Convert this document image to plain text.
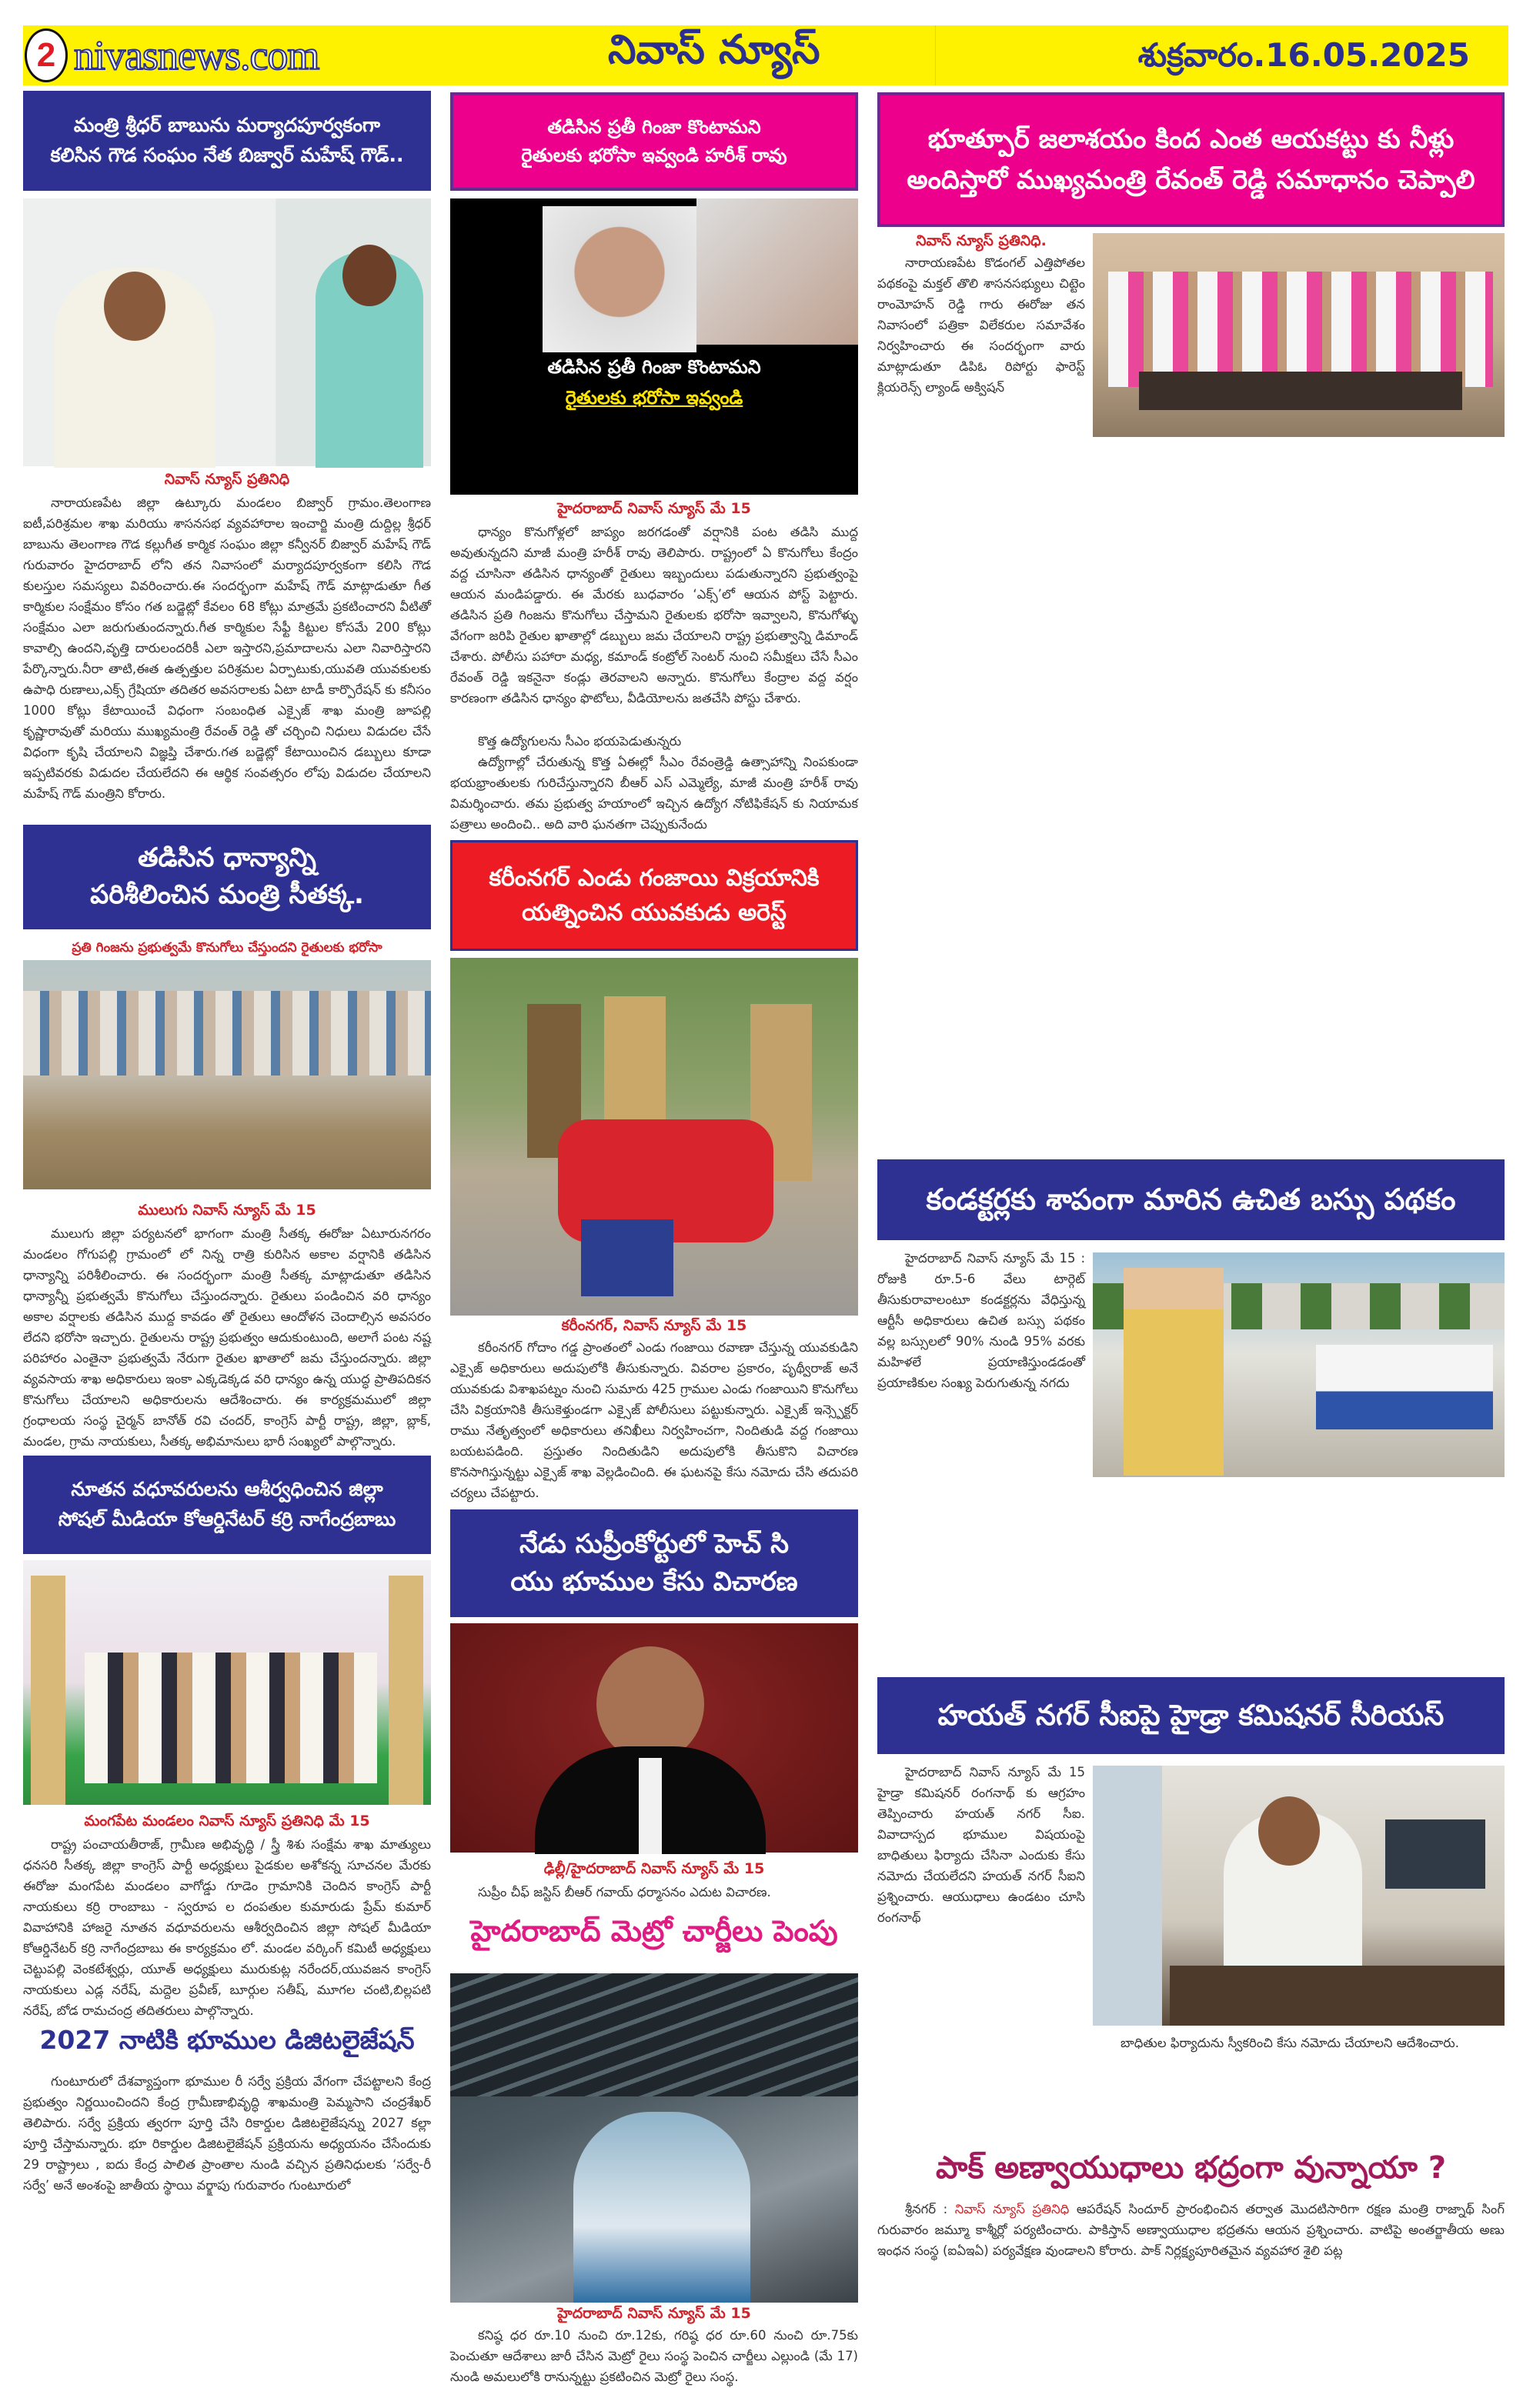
2 nivasnews.com	నివాస్ న్యూస్	శుక్రవారం.16.05.2025
మంత్రి శ్రీధర్ బాబును మర్యాదపూర్వకంగా
కలిసిన గౌడ సంఘం నేత బిజ్వార్ మహేష్ గౌడ్..
నివాస్ న్యూస్ ప్రతినిధి
నారాయణపేట జిల్లా ఉట్కూరు మండలం బిజ్వార్ గ్రామం.తెలంగాణ ఐటీ,పరిశ్రమల శాఖ మరియు శాసనసభ వ్యవహారాల ఇంచార్జి మంత్రి దుద్దిల్ల శ్రీధర్ బాబును తెలంగాణ గౌడ కల్లుగీత కార్మిక సంఘం జిల్లా కన్వీనర్ బిజ్వార్ మహేష్ గౌడ్ గురువారం హైదరాబాద్ లోని తన నివాసంలో మర్యాదపూర్వకంగా కలిసి గౌడ కులస్తుల సమస్యలు వివరించారు.ఈ సందర్భంగా మహేష్ గౌడ్ మాట్లాడుతూ గీత కార్మికుల సంక్షేమం కోసం గత బడ్జెట్లో కేవలం 68 కోట్లు మాత్రమే ప్రకటించారని వీటితో సంక్షేమం ఎలా జరుగుతుందన్నారు.గీత కార్మికుల సేఫ్టీ కిట్టుల కోసమే 200 కోట్లు కావాల్సి ఉందని,వృత్తి దారులందరికీ ఎలా ఇస్తారని,ప్రమాదాలను ఎలా నివారిస్తారని పేర్కొన్నారు.నీరా తాటి,ఈత ఉత్పత్తుల పరిశ్రమల ఏర్పాటుకు,యువతి యువకులకు ఉపాధి రుణాలు,ఎక్స్ గ్రేషియా తదితర అవసరాలకు ఏటా టాడీ కార్పొరేషన్ కు కనీసం 1000 కోట్లు కేటాయించే విధంగా సంబంధిత ఎక్సైజ్ శాఖ మంత్రి జూపల్లి కృష్ణారావుతో మరియు ముఖ్యమంత్రి రేవంత్ రెడ్డి తో చర్చించి నిధులు విడుదల చేసే విధంగా కృషి చేయాలని విజ్ఞప్తి చేశారు.గత బడ్జెట్లో కేటాయించిన డబ్బులు కూడా ఇప్పటివరకు విడుదల చేయలేదని ఈ ఆర్థిక సంవత్సరం లోపు విడుదల చేయాలని మహేష్ గౌడ్ మంత్రిని కోరారు.
తడిసిన ధాన్యాన్ని
పరిశీలించిన మంత్రి సీతక్క.
ప్రతి గింజను ప్రభుత్వమే కొనుగోలు చేస్తుందని రైతులకు భరోసా
ములుగు నివాస్ న్యూస్ మే 15
ములుగు జిల్లా పర్యటనలో భాగంగా మంత్రి సీతక్క ఈరోజు ఏటూరునగరం మండలం గోగుపల్లి గ్రామంలో లో నిన్న రాత్రి కురిసిన అకాల వర్షానికి తడిసిన ధాన్యాన్ని పరిశీలించారు. ఈ సందర్భంగా మంత్రి సీతక్క మాట్లాడుతూ తడిసిన ధాన్యాన్నీ ప్రభుత్వమే కొనుగోలు చేస్తుందన్నారు. రైతులు పండించిన వరి ధాన్యం అకాల వర్షాలకు తడిసిన ముద్ద కావడం తో రైతులు ఆందోళన చెందాల్సిన అవసరం లేదని భరోసా ఇచ్చారు. రైతులను రాష్ట్ర ప్రభుత్వం ఆదుకుంటుంది, అలాగే పంట నష్ట పరిహారం ఎంతైనా ప్రభుత్వమే నేరుగా రైతుల ఖాతాలో జమ చేస్తుందన్నారు. జిల్లా వ్యవసాయ శాఖ అధికారులు ఇంకా ఎక్కడెక్కడ వరి ధాన్యం ఉన్న యుద్ధ ప్రాతిపదికన కొనుగోలు చేయాలని అధికారులను ఆదేశించారు. ఈ కార్యక్రమములో జిల్లా గ్రంధాలయ సంస్థ చైర్మన్ బానోత్ రవి చందర్, కాంగ్రెస్ పార్టీ రాష్ట్ర, జిల్లా, బ్లాక్, మండల, గ్రామ నాయకులు, సీతక్క అభిమానులు భారీ సంఖ్యలో పాల్గొన్నారు.
నూతన వధూవరులను ఆశీర్వధించిన జిల్లా
సోషల్ మీడియా కోఆర్డినేటర్ కర్రి నాగేంద్రబాబు
మంగపేట మండలం నివాస్ న్యూస్ ప్రతినిధి మే 15
రాష్ట్ర పంచాయతీరాజ్, గ్రామీణ అభివృద్ధి / స్త్రీ శిశు సంక్షేమ శాఖ మాత్యులు ధనసరి సీతక్క జిల్లా కాంగ్రెస్ పార్టీ అధ్యక్షులు పైడకుల అశోకన్న సూచనల మేరకు ఈరోజు మంగపేట మండలం వాగోడ్డు గూడెం గ్రామానికి చెందిన కాంగ్రెస్ పార్టీ నాయకులు కర్రి రాంబాబు - స్వరూప ల దంపతుల కుమారుడు ప్రేమ్ కుమార్ వివాహానికి హాజరై నూతన వధూవరులను ఆశీర్వదించిన జిల్లా సోషల్ మీడియా కోఆర్డినేటర్ కర్రి నాగేంద్రబాబు ఈ కార్యక్రమం లో. మండల వర్కింగ్ కమిటీ అధ్యక్షులు చెట్టుపల్లి వెంకటేశ్వర్లు, యూత్ అధ్యక్షులు మురుకుట్ల నరేందర్,యువజన కాంగ్రెస్ నాయకులు ఎడ్ల నరేష్, మద్దెల ప్రవీణ్, బూర్గుల సతీష్, మూగల చంటి,బిల్లపటి నరేష్, బోడ రామచంద్ర తదితరులు పాల్గొన్నారు.
2027 నాటికి భూముల డిజిటలైజేషన్
గుంటూరులో దేశవ్యాప్తంగా భూముల రీ సర్వే ప్రక్రియ వేగంగా చేపట్టాలని కేంద్ర ప్రభుత్వం నిర్ణయించిందని కేంద్ర గ్రామీణాభివృద్ధి శాఖమంత్రి పెమ్మసాని చంద్రశేఖర్ తెలిపారు. సర్వే ప్రక్రియ త్వరగా పూర్తి చేసి రికార్డుల డిజిటలైజేషన్ను 2027 కల్లా పూర్తి చేస్తామన్నారు. భూ రికార్డుల డిజిటలైజేషన్ ప్రక్రియను అధ్యయనం చేసేందుకు 29 రాష్ట్రాలు , ఐదు కేంద్ర పాలిత ప్రాంతాల నుండి వచ్చిన ప్రతినిధులకు ‘సర్వే-రీ సర్వే’ అనే అంశంపై జాతీయ స్థాయి వర్క్షాపు గురువారం గుంటూరులో
తడిసిన ప్రతీ గింజా కొంటామని
రైతులకు భరోసా ఇవ్వండి హరీశ్ రావు
తడిసిన ప్రతీ గింజా కొంటామని
రైతులకు భరోసా ఇవ్వండి
హైదరాబాద్ నివాస్ న్యూస్ మే 15
ధాన్యం కొనుగోళ్లలో జాప్యం జరగడంతో వర్షానికి పంట తడిసి ముద్ద అవుతున్నదని మాజీ మంత్రి హరీశ్ రావు తెలిపారు. రాష్ట్రంలో ఏ కొనుగోలు కేంద్రం వద్ద చూసినా తడిసిన ధాన్యంతో రైతులు ఇబ్బందులు పడుతున్నారని ప్రభుత్వంపై ఆయన మండిపడ్డారు. ఈ మేరకు బుధవారం ‘ఎక్స్’లో ఆయన పోస్ట్ పెట్టారు. తడిసిన ప్రతి గింజను కొనుగోలు చేస్తామని రైతులకు భరోసా ఇవ్వాలని, కొనుగోళ్ళు వేగంగా జరిపి రైతుల ఖాతాల్లో డబ్బులు జమ చేయాలని రాష్ట్ర ప్రభుత్వాన్ని డిమాండ్ చేశారు. పోలీసు పహారా మధ్య, కమాండ్ కంట్రోల్ సెంటర్ నుంచి సమీక్షలు చేసే సీఎం రేవంత్ రెడ్డి ఇకనైనా కండ్లు తెరవాలని అన్నారు. కొనుగోలు కేంద్రాల వద్ద వర్షం కారణంగా తడిసిన ధాన్యం ఫొటోలు, వీడియోలను జతచేసి పోస్టు చేశారు.
కొత్త ఉద్యోగులను సీఎం భయపెడుతున్నరు
ఉద్యోగాల్లో చేరుతున్న కొత్త ఏఈల్లో సీఎం రేవంత్రెడ్డి ఉత్సాహాన్ని నింపకుండా భయభ్రాంతులకు గురిచేస్తున్నారని బీఆర్ ఎస్ ఎమ్మెల్యే, మాజీ మంత్రి హరీశ్ రావు విమర్శించారు. తమ ప్రభుత్వ హయాంలో ఇచ్చిన ఉద్యోగ నోటిఫికేషన్ కు నియామక పత్రాలు అందించి.. అది వారి ఘనతగా చెప్పుకునేందు
కరీంనగర్ ఎండు గంజాయి విక్రయానికి
యత్నించిన యువకుడు అరెస్ట్
కరీంనగర్, నివాస్ న్యూస్ మే 15
కరీంనగర్ గోదాం గడ్డ ప్రాంతంలో ఎండు గంజాయి రవాణా చేస్తున్న యువకుడిని ఎక్సైజ్ అధికారులు అదుపులోకి తీసుకున్నారు. వివరాల ప్రకారం, పృథ్వీరాజ్ అనే యువకుడు విశాఖపట్నం నుంచి సుమారు 425 గ్రాముల ఎండు గంజాయిని కొనుగోలు చేసి విక్రయానికి తీసుకెళ్తుండగా ఎక్సైజ్ పోలీసులు పట్టుకున్నారు. ఎక్సైజ్ ఇన్స్పెక్టర్ రాము నేతృత్వంలో అధికారులు తనిఖీలు నిర్వహించగా, నిందితుడి వద్ద గంజాయి బయటపడింది. ప్రస్తుతం నిందితుడిని అదుపులోకి తీసుకొని విచారణ కొనసాగిస్తున్నట్టు ఎక్సైజ్ శాఖ వెల్లడించింది. ఈ ఘటనపై కేసు నమోదు చేసి తదుపరి చర్యలు చేపట్టారు.
నేడు సుప్రీంకోర్టులో హెచ్ సి
యు భూముల కేసు విచారణ
ఢిల్లీ/హైదరాబాద్ నివాస్ న్యూస్ మే 15
సుప్రీం చీఫ్ జస్టిస్ బీఆర్ గవాయ్ ధర్మాసనం ఎదుట విచారణ.
హైదరాబాద్ మెట్రో చార్జీలు పెంపు
హైదరాబాద్ నివాస్ న్యూస్ మే 15
కనిష్ఠ ధర రూ.10 నుంచి రూ.12కు, గరిష్ఠ ధర రూ.60 నుంచి రూ.75కు పెంచుతూ ఆదేశాలు జారీ చేసిన మెట్రో రైలు సంస్థ పెంచిన చార్జీలు ఎల్లుండి (మే 17) నుండి అమలులోకి రానున్నట్టు ప్రకటించిన మెట్రో రైలు సంస్థ.
భూత్పూర్ జలాశయం కింద ఎంత ఆయకట్టు కు నీళ్లు
అందిస్తారో ముఖ్యమంత్రి రేవంత్ రెడ్డి సమాధానం చెప్పాలి
నివాస్ న్యూస్ ప్రతినిధి.
నారాయణపేట కొడంగల్ ఎత్తిపోతల పథకంపై మక్తల్ తొలి శాసనసభ్యులు చిట్టెం రాంమోహన్ రెడ్డి గారు ఈరోజు తన నివాసంలో పత్రికా విలేకరుల సమావేశం నిర్వహించారు ఈ సందర్భంగా వారు మాట్లాడుతూ డిపిఓ రిపోర్టు ఫారెస్ట్ క్లియరెన్స్ ల్యాండ్ అక్విషన్
కండక్టర్లకు శాపంగా మారిన ఉచిత బస్సు పథకం
హైదరాబాద్ నివాస్ న్యూస్ మే 15 : రోజుకి రూ.5-6 వేలు టార్గెట్ తీసుకురావాలంటూ కండక్టర్లను వేధిస్తున్న ఆర్టీసీ అధికారులు ఉచిత బస్సు పథకం వల్ల బస్సులలో 90% నుండి 95% వరకు మహిళలే ప్రయాణిస్తుండడంతో ప్రయాణికుల సంఖ్య పెరుగుతున్న నగదు
హయత్ నగర్ సీఐపై హైడ్రా కమిషనర్ సీరియస్
హైదరాబాద్ నివాస్ న్యూస్ మే 15 హైడ్రా కమిషనర్ రంగనాథ్ కు ఆగ్రహం తెప్పించారు హయత్ నగర్ సీఐ. వివాదాస్పద భూముల విషయంపై బాధితులు ఫిర్యాదు చేసినా ఎందుకు కేసు నమోదు చేయలేదని హయత్ నగర్ సీఐని ప్రశ్నించారు. ఆయుధాలు ఉండటం చూసి రంగనాథ్
బాధితుల ఫిర్యాదును స్వీకరించి కేసు నమోదు చేయాలని ఆదేశించారు.
పాక్ అణ్వాయుధాలు భద్రంగా వున్నాయా ?
శ్రీనగర్ : నివాస్ న్యూస్ ప్రతినిధి ఆపరేషన్ సిందూర్ ప్రారంభించిన తర్వాత మొదటిసారిగా రక్షణ మంత్రి రాజ్నాథ్ సింగ్ గురువారం జమ్మూ కాశ్మీర్లో పర్యటించారు. పాకిస్తాన్ అణ్వాయుధాల భద్రతను ఆయన ప్రశ్నించారు. వాటిపై అంతర్జాతీయ అణు ఇంధన సంస్థ (ఐఏఇఏ) పర్యవేక్షణ వుండాలని కోరారు. పాక్ నిర్లక్ష్యపూరితమైన వ్యవహార శైలి పట్ల
